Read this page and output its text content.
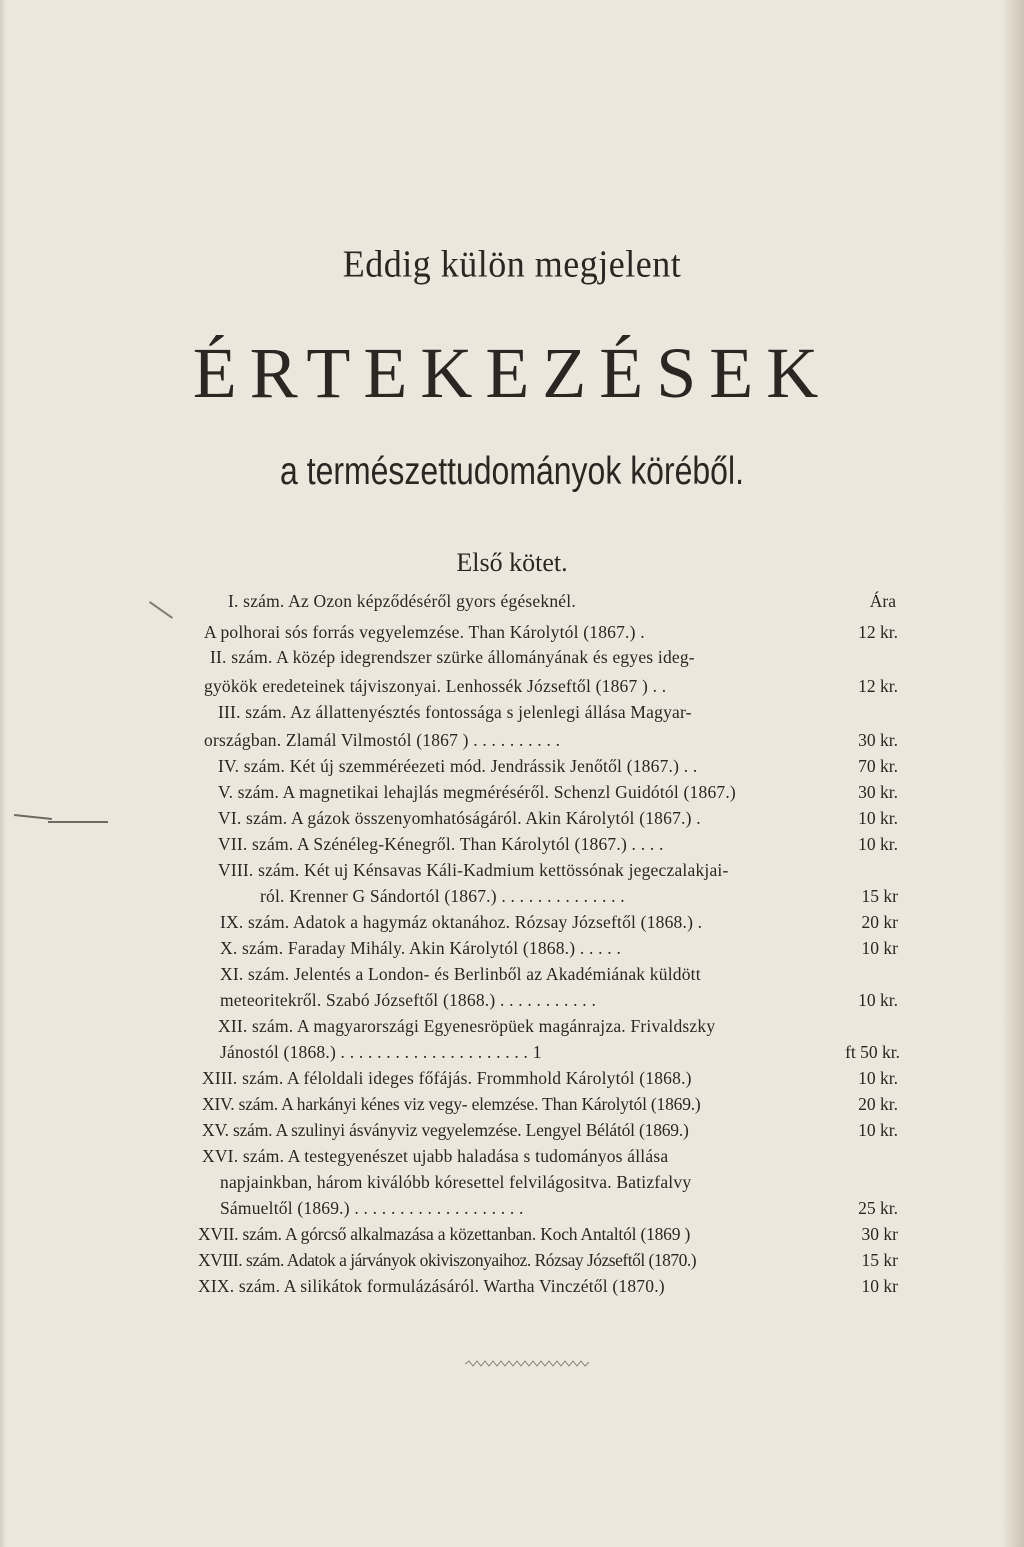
Eddig külön megjelent
ÉRTEKEZÉSEK
a természettudományok köréből.
Első kötet.
Ára
I. szám. Az Ozon képződéséről gyors égéseknél.
A polhorai sós forrás vegyelemzése. Than Károlytól (1867.) .	12 kr.
II. szám. A közép idegrendszer szürke állományának és egyes ideg-
gyökök eredeteinek tájviszonyai. Lenhossék Józseftől (1867 ) . .	12 kr.
III. szám. Az állattenyésztés fontossága s jelenlegi állása Magyar-
országban. Zlamál Vilmostól (1867 ) . . . . . . . . . .	30 kr.
IV. szám. Két új szemméréezeti mód. Jendrássik Jenőtől (1867.) . .	70 kr.
V. szám. A magnetikai lehajlás megméréséről. Schenzl Guidótól (1867.)	30 kr.
VI. szám. A gázok összenyomhatóságáról. Akin Károlytól (1867.) .	10 kr.
VII. szám. A Szénéleg-Kénegről. Than Károlytól (1867.) . . . .	10 kr.
VIII. szám. Két uj Kénsavas Káli-Kadmium kettössónak jegeczalakjai-
ról. Krenner G Sándortól (1867.) . . . . . . . . . . . . . .	15 kr
IX. szám. Adatok a hagymáz oktanához. Rózsay Józseftől (1868.) .	20 kr
X. szám. Faraday Mihály. Akin Károlytól (1868.) . . . . .	10 kr
XI. szám. Jelentés a London- és Berlinből az Akadémiának küldött
meteoritekről. Szabó Józseftől (1868.) . . . . . . . . . . .	10 kr.
XII. szám. A magyarországi Egyenesröpüek magánrajza. Frivaldszky
Jánostól (1868.) . . . . . . . . . . . . . . . . . . . . . 1	ft 50 kr.
XIII. szám. A féloldali ideges főfájás. Frommhold Károlytól (1868.)	10 kr.
XIV. szám. A harkányi kénes viz vegy- elemzése. Than Károlytól (1869.)	20 kr.
XV. szám. A szulinyi ásványviz vegyelemzése. Lengyel Bélától (1869.)	10 kr.
XVI. szám. A testegyenészet ujabb haladása s tudományos állása
napjainkban, három kiválóbb kóresettel felvilágositva. Batizfalvy
Sámueltől (1869.) . . . . . . . . . . . . . . . . . . .	25 kr.
XVII. szám. A górcső alkalmazása a közettanban. Koch Antaltól (1869 )	30 kr
XVIII. szám. Adatok a járványok okiviszonyaihoz. Rózsay Józseftől (1870.)	15 kr
XIX. szám. A silikátok formulázásáról. Wartha Vinczétől (1870.)	10 kr
